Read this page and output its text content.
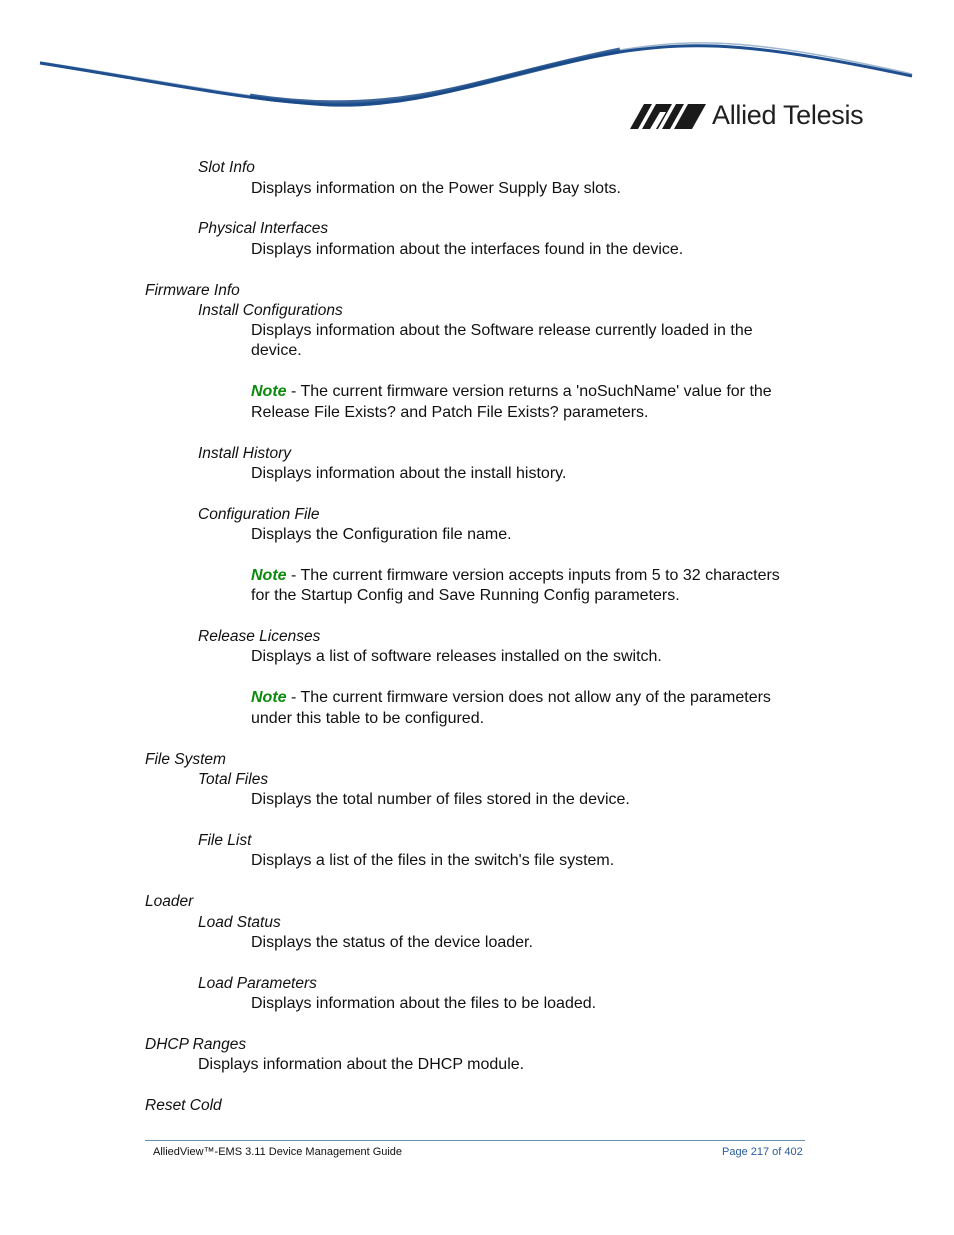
Allied Telesis
Slot Info
Displays information on the Power Supply Bay slots.
Physical Interfaces
Displays information about the interfaces found in the device.
Firmware Info
Install Configurations
Displays information about the Software release currently loaded in the
device.
Note - The current firmware version returns a 'noSuchName' value for the
Release File Exists? and Patch File Exists? parameters.
Install History
Displays information about the install history.
Configuration File
Displays the Configuration file name.
Note - The current firmware version accepts inputs from 5 to 32 characters
for the Startup Config and Save Running Config parameters.
Release Licenses
Displays a list of software releases installed on the switch.
Note - The current firmware version does not allow any of the parameters
under this table to be configured.
File System
Total Files
Displays the total number of files stored in the device.
File List
Displays a list of the files in the switch's file system.
Loader
Load Status
Displays the status of the device loader.
Load Parameters
Displays information about the files to be loaded.
DHCP Ranges
Displays information about the DHCP module.
Reset Cold
AlliedView™-EMS 3.11 Device Management Guide	Page 217 of 402
